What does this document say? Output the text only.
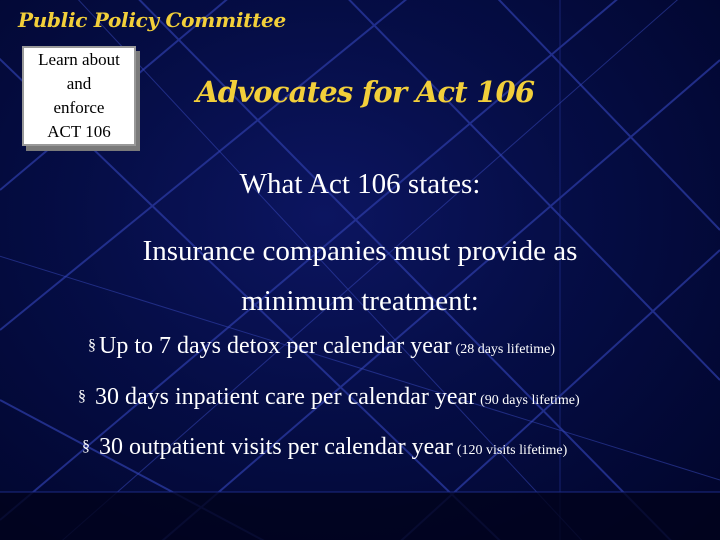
Public Policy Committee
Learn about
and
enforce
ACT 106
Advocates for Act 106
What Act 106 states:
Insurance companies must provide as
minimum treatment:
§ Up to 7 days detox per calendar year (28 days lifetime)
§ 30 days inpatient care per calendar year (90 days lifetime)
§ 30 outpatient visits per calendar year (120 visits lifetime)
